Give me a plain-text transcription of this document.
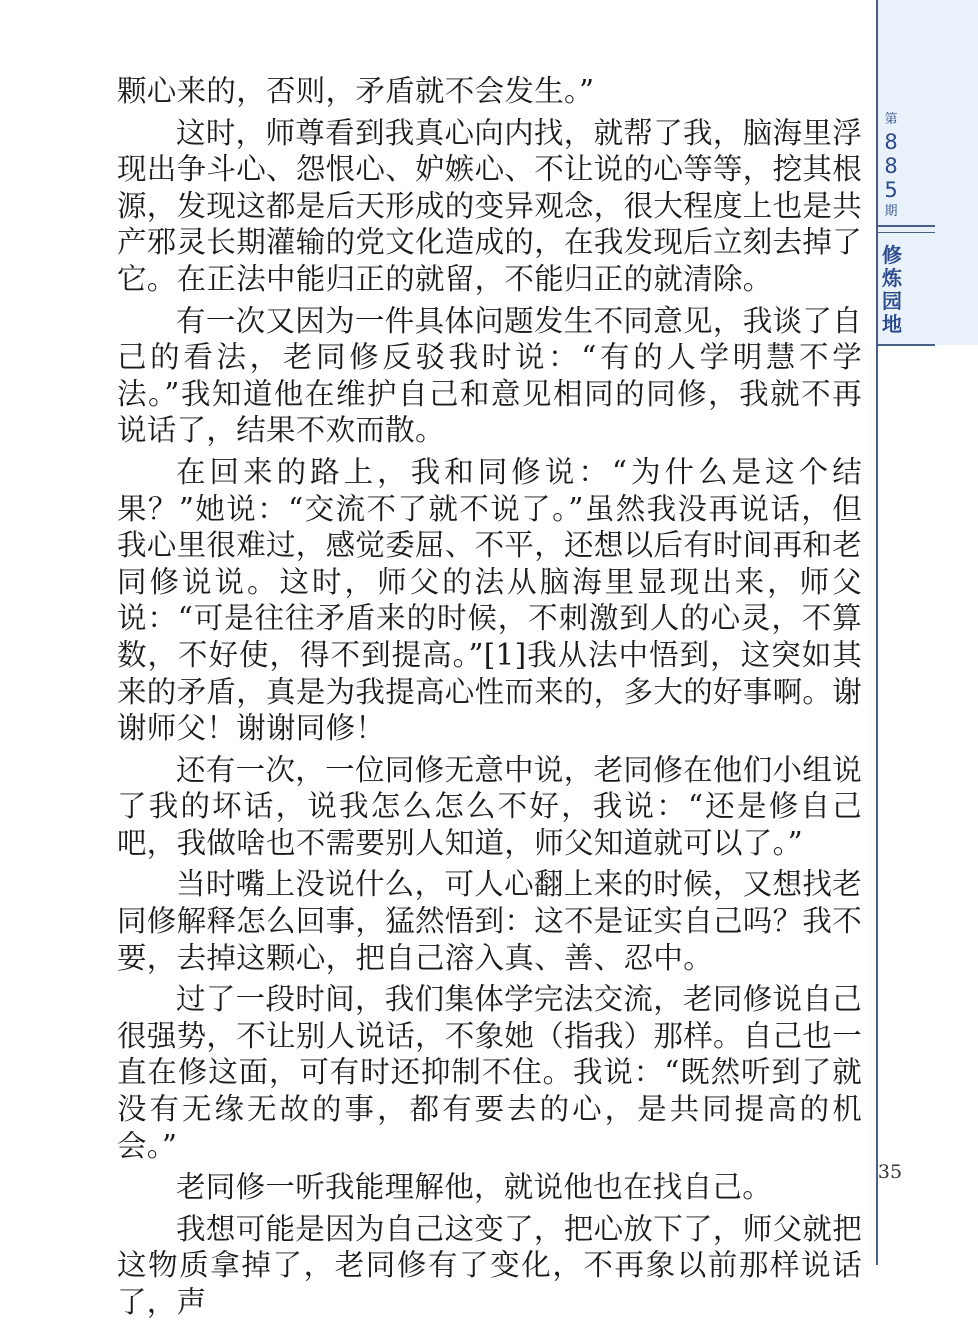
第
8
8
5
期
修炼园地

颗心来的，否则，矛盾就不会发生。”

这时，师尊看到我真心向内找，就帮了我，脑海里浮现出争斗心、怨恨心、妒嫉心、不让说的心等等，挖其根源，发现这都是后天形成的变异观念，很大程度上也是共产邪灵长期灌输的党文化造成的，在我发现后立刻去掉了它。在正法中能归正的就留，不能归正的就清除。

有一次又因为一件具体问题发生不同意见，我谈了自己的看法，老同修反驳我时说：“有的人学明慧不学法。”我知道他在维护自己和意见相同的同修，我就不再说话了，结果不欢而散。

在回来的路上，我和同修说：“为什么是这个结果？”她说：“交流不了就不说了。”虽然我没再说话，但我心里很难过，感觉委屈、不平，还想以后有时间再和老同修说说。这时，师父的法从脑海里显现出来，师父说：“可是往往矛盾来的时候，不刺激到人的心灵，不算数，不好使，得不到提高。”[1]我从法中悟到，这突如其来的矛盾，真是为我提高心性而来的，多大的好事啊。谢谢师父！谢谢同修！

还有一次，一位同修无意中说，老同修在他们小组说了我的坏话，说我怎么怎么不好，我说：“还是修自己吧，我做啥也不需要别人知道，师父知道就可以了。”

当时嘴上没说什么，可人心翻上来的时候，又想找老同修解释怎么回事，猛然悟到：这不是证实自己吗？我不要，去掉这颗心，把自己溶入真、善、忍中。

过了一段时间，我们集体学完法交流，老同修说自己很强势，不让别人说话，不象她（指我）那样。自己也一直在修这面，可有时还抑制不住。我说：“既然听到了就没有无缘无故的事，都有要去的心，是共同提高的机会。”

老同修一听我能理解他，就说他也在找自己。

我想可能是因为自己这变了，把心放下了，师父就把这物质拿掉了，老同修有了变化，不再象以前那样说话了，声

35
